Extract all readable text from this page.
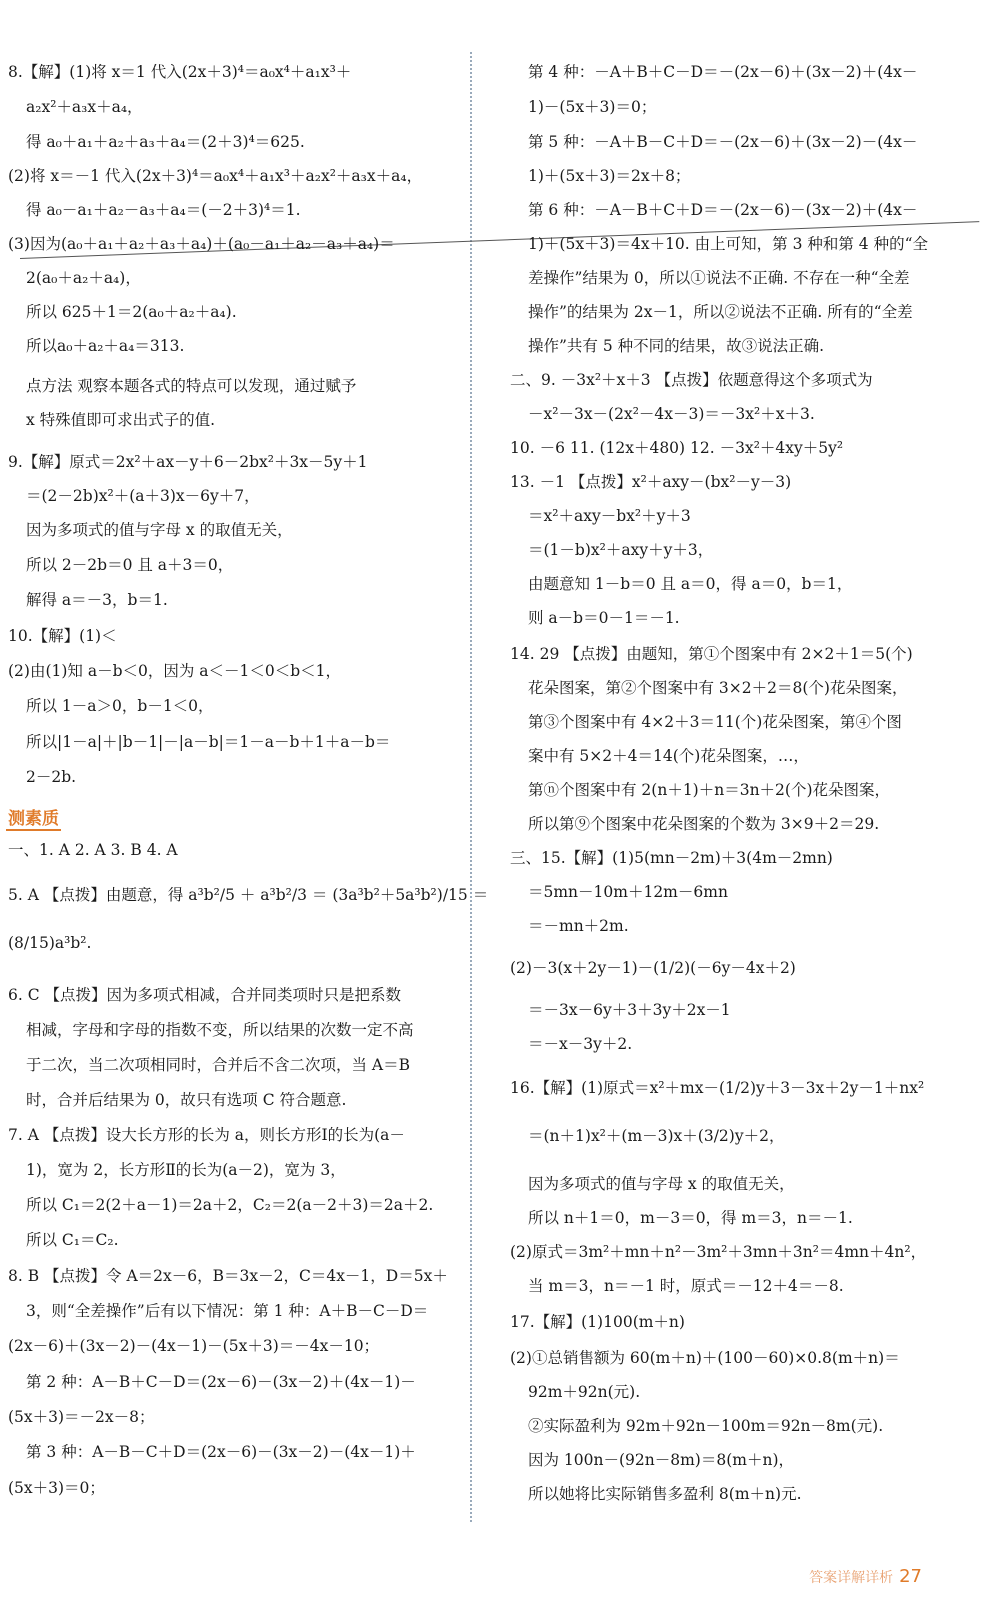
8.【解】(1)将 x＝1 代入(2x＋3)⁴＝a₀x⁴＋a₁x³＋
a₂x²＋a₃x＋a₄，
得 a₀＋a₁＋a₂＋a₃＋a₄＝(2＋3)⁴＝625.
(2)将 x＝－1 代入(2x＋3)⁴＝a₀x⁴＋a₁x³＋a₂x²＋a₃x＋a₄，
得 a₀－a₁＋a₂－a₃＋a₄＝(－2＋3)⁴＝1.
(3)因为(a₀＋a₁＋a₂＋a₃＋a₄)＋(a₀－a₁＋a₂－a₃＋a₄)＝
2(a₀＋a₂＋a₄)，
所以 625＋1＝2(a₀＋a₂＋a₄).
所以a₀＋a₂＋a₄＝313.
点方法 观察本题各式的特点可以发现，通过赋予
x 特殊值即可求出式子的值.
9.【解】原式＝2x²＋ax－y＋6－2bx²＋3x－5y＋1
＝(2－2b)x²＋(a＋3)x－6y＋7，
因为多项式的值与字母 x 的取值无关，
所以 2－2b＝0 且 a＋3＝0，
解得 a＝－3，b＝1.
10.【解】(1)＜
(2)由(1)知 a－b＜0，因为 a＜－1＜0＜b＜1，
所以 1－a＞0，b－1＜0，
所以|1－a|＋|b－1|－|a－b|＝1－a－b＋1＋a－b＝
2－2b.
一、1. A 2. A 3. B 4. A
5. A 【点拨】由题意，得 a³b²/5 ＋ a³b²/3 ＝ (3a³b²＋5a³b²)/15 ＝
(8/15)a³b².
6. C 【点拨】因为多项式相减，合并同类项时只是把系数
相减，字母和字母的指数不变，所以结果的次数一定不高
于二次，当二次项相同时，合并后不含二次项，当 A＝B
时，合并后结果为 0，故只有选项 C 符合题意.
7. A 【点拨】设大长方形的长为 a，则长方形Ⅰ的长为(a－
1)，宽为 2，长方形Ⅱ的长为(a－2)，宽为 3，
所以 C₁＝2(2＋a－1)＝2a＋2，C₂＝2(a－2＋3)＝2a＋2.
所以 C₁＝C₂.
8. B 【点拨】令 A＝2x－6，B＝3x－2，C＝4x－1，D＝5x＋
3，则“全差操作”后有以下情况：第 1 种：A＋B－C－D＝
(2x－6)＋(3x－2)－(4x－1)－(5x＋3)＝－4x－10；
第 2 种：A－B＋C－D＝(2x－6)－(3x－2)＋(4x－1)－
(5x＋3)＝－2x－8；
第 3 种：A－B－C＋D＝(2x－6)－(3x－2)－(4x－1)＋
(5x＋3)＝0；
测素质
第 4 种：－A＋B＋C－D＝－(2x－6)＋(3x－2)＋(4x－
1)－(5x＋3)＝0；
第 5 种：－A＋B－C＋D＝－(2x－6)＋(3x－2)－(4x－
1)＋(5x＋3)＝2x＋8；
第 6 种：－A－B＋C＋D＝－(2x－6)－(3x－2)＋(4x－
1)＋(5x＋3)＝4x＋10. 由上可知，第 3 种和第 4 种的“全
差操作”结果为 0，所以①说法不正确. 不存在一种“全差
操作”的结果为 2x－1，所以②说法不正确. 所有的“全差
操作”共有 5 种不同的结果，故③说法正确.
二、9. －3x²＋x＋3 【点拨】依题意得这个多项式为
－x²－3x－(2x²－4x－3)＝－3x²＋x＋3.
10. －6 11. (12x＋480) 12. －3x²＋4xy＋5y²
13. －1 【点拨】x²＋axy－(bx²－y－3)
＝x²＋axy－bx²＋y＋3
＝(1－b)x²＋axy＋y＋3，
由题意知 1－b＝0 且 a＝0，得 a＝0，b＝1，
则 a－b＝0－1＝－1.
14. 29 【点拨】由题知，第①个图案中有 2×2＋1＝5(个)
花朵图案，第②个图案中有 3×2＋2＝8(个)花朵图案，
第③个图案中有 4×2＋3＝11(个)花朵图案，第④个图
案中有 5×2＋4＝14(个)花朵图案，…，
第ⓝ个图案中有 2(n＋1)＋n＝3n＋2(个)花朵图案，
所以第⑨个图案中花朵图案的个数为 3×9＋2＝29.
三、15.【解】(1)5(mn－2m)＋3(4m－2mn)
＝5mn－10m＋12m－6mn
＝－mn＋2m.
(2)－3(x＋2y－1)－(1/2)(－6y－4x＋2)
＝－3x－6y＋3＋3y＋2x－1
＝－x－3y＋2.
16.【解】(1)原式＝x²＋mx－(1/2)y＋3－3x＋2y－1＋nx²
＝(n＋1)x²＋(m－3)x＋(3/2)y＋2，
因为多项式的值与字母 x 的取值无关，
所以 n＋1＝0，m－3＝0，得 m＝3，n＝－1.
(2)原式＝3m²＋mn＋n²－3m²＋3mn＋3n²＝4mn＋4n²，
当 m＝3，n＝－1 时，原式＝－12＋4＝－8.
17.【解】(1)100(m＋n)
(2)①总销售额为 60(m＋n)＋(100－60)×0.8(m＋n)＝
92m＋92n(元).
②实际盈利为 92m＋92n－100m＝92n－8m(元).
因为 100n－(92n－8m)＝8(m＋n)，
所以她将比实际销售多盈利 8(m＋n)元.
答案详解详析 27
